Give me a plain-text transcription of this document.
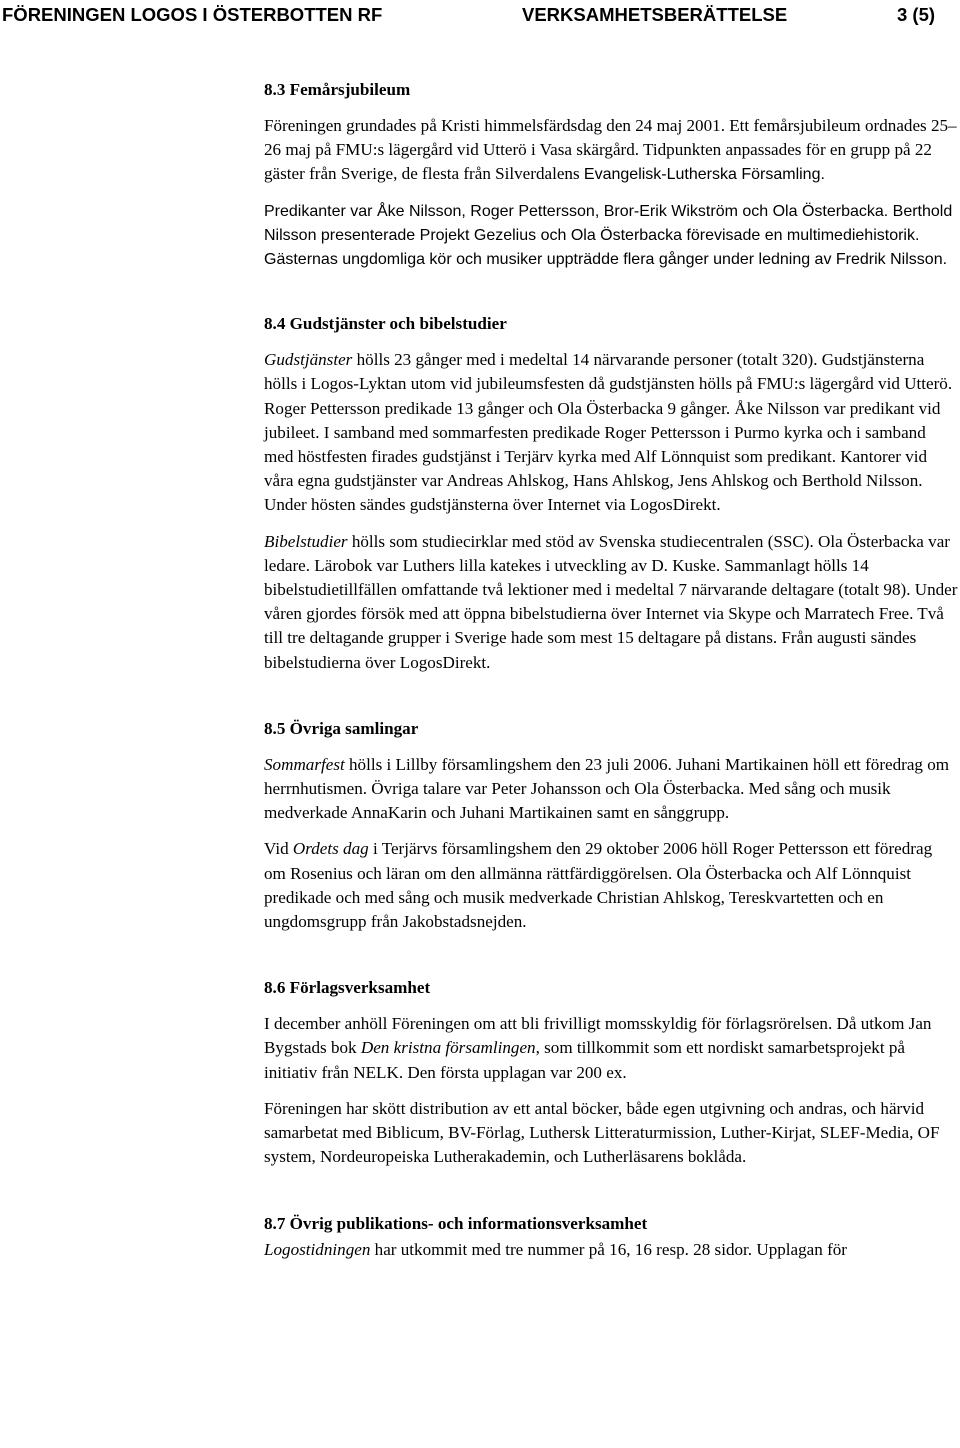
FÖRENINGEN LOGOS I ÖSTERBOTTEN RF	VERKSAMHETSBERÄTTELSE	3 (5)
8.3 Femårsjubileum

Föreningen grundades på Kristi himmelsfärdsdag den 24 maj 2001. Ett femårsjubileum ordnades 25–26 maj på FMU:s lägergård vid Utterö i Vasa skärgård. Tidpunkten anpassades för en grupp på 22 gäster från Sverige, de flesta från Silverdalens Evangelisk-Lutherska Församling.

Predikanter var Åke Nilsson, Roger Pettersson, Bror-Erik Wikström och Ola Österbacka. Berthold Nilsson presenterade Projekt Gezelius och Ola Österbacka förevisade en multimediehistorik. Gästernas ungdomliga kör och musiker uppträdde flera gånger under ledning av Fredrik Nilsson.

8.4 Gudstjänster och bibelstudier

Gudstjänster hölls 23 gånger med i medeltal 14 närvarande personer (totalt 320). Gudstjänsterna hölls i Logos-Lyktan utom vid jubileumsfesten då gudstjänsten hölls på FMU:s lägergård vid Utterö. Roger Pettersson predikade 13 gånger och Ola Österbacka 9 gånger. Åke Nilsson var predikant vid jubileet. I samband med sommarfesten predikade Roger Pettersson i Purmo kyrka och i samband med höstfesten firades gudstjänst i Terjärv kyrka med Alf Lönnquist som predikant. Kantorer vid våra egna gudstjänster var Andreas Ahlskog, Hans Ahlskog, Jens Ahlskog och Berthold Nilsson. Under hösten sändes gudstjänsterna över Internet via LogosDirekt.

Bibelstudier hölls som studiecirklar med stöd av Svenska studiecentralen (SSC). Ola Österbacka var ledare. Lärobok var Luthers lilla katekes i utveckling av D. Kuske. Sammanlagt hölls 14 bibelstudietillfällen omfattande två lektioner med i medeltal 7 närvarande deltagare (totalt 98). Under våren gjordes försök med att öppna bibelstudierna över Internet via Skype och Marratech Free. Två till tre deltagande grupper i Sverige hade som mest 15 deltagare på distans. Från augusti sändes bibelstudierna över LogosDirekt.

8.5 Övriga samlingar

Sommarfest hölls i Lillby församlingshem den 23 juli 2006. Juhani Martikainen höll ett föredrag om herrnhutismen. Övriga talare var Peter Johansson och Ola Österbacka. Med sång och musik medverkade AnnaKarin och Juhani Martikainen samt en sånggrupp.

Vid Ordets dag i Terjärvs församlingshem den 29 oktober 2006 höll Roger Pettersson ett föredrag om Rosenius och läran om den allmänna rättfärdiggörelsen. Ola Österbacka och Alf Lönnquist predikade och med sång och musik medverkade Christian Ahlskog, Tereskvartetten och en ungdomsgrupp från Jakobstadsnejden.

8.6 Förlagsverksamhet

I december anhöll Föreningen om att bli frivilligt momsskyldig för förlagsrörelsen. Då utkom Jan Bygstads bok Den kristna församlingen, som tillkommit som ett nordiskt samarbetsprojekt på initiativ från NELK. Den första upplagan var 200 ex.

Föreningen har skött distribution av ett antal böcker, både egen utgivning och andras, och härvid samarbetat med Biblicum, BV-Förlag, Luthersk Litteraturmission, Luther-Kirjat, SLEF-Media, OF system, Nordeuropeiska Lutherakademin, och Lutherläsarens boklåda.

8.7 Övrig publikations- och informationsverksamhet

Logostidningen har utkommit med tre nummer på 16, 16 resp. 28 sidor. Upplagan för
